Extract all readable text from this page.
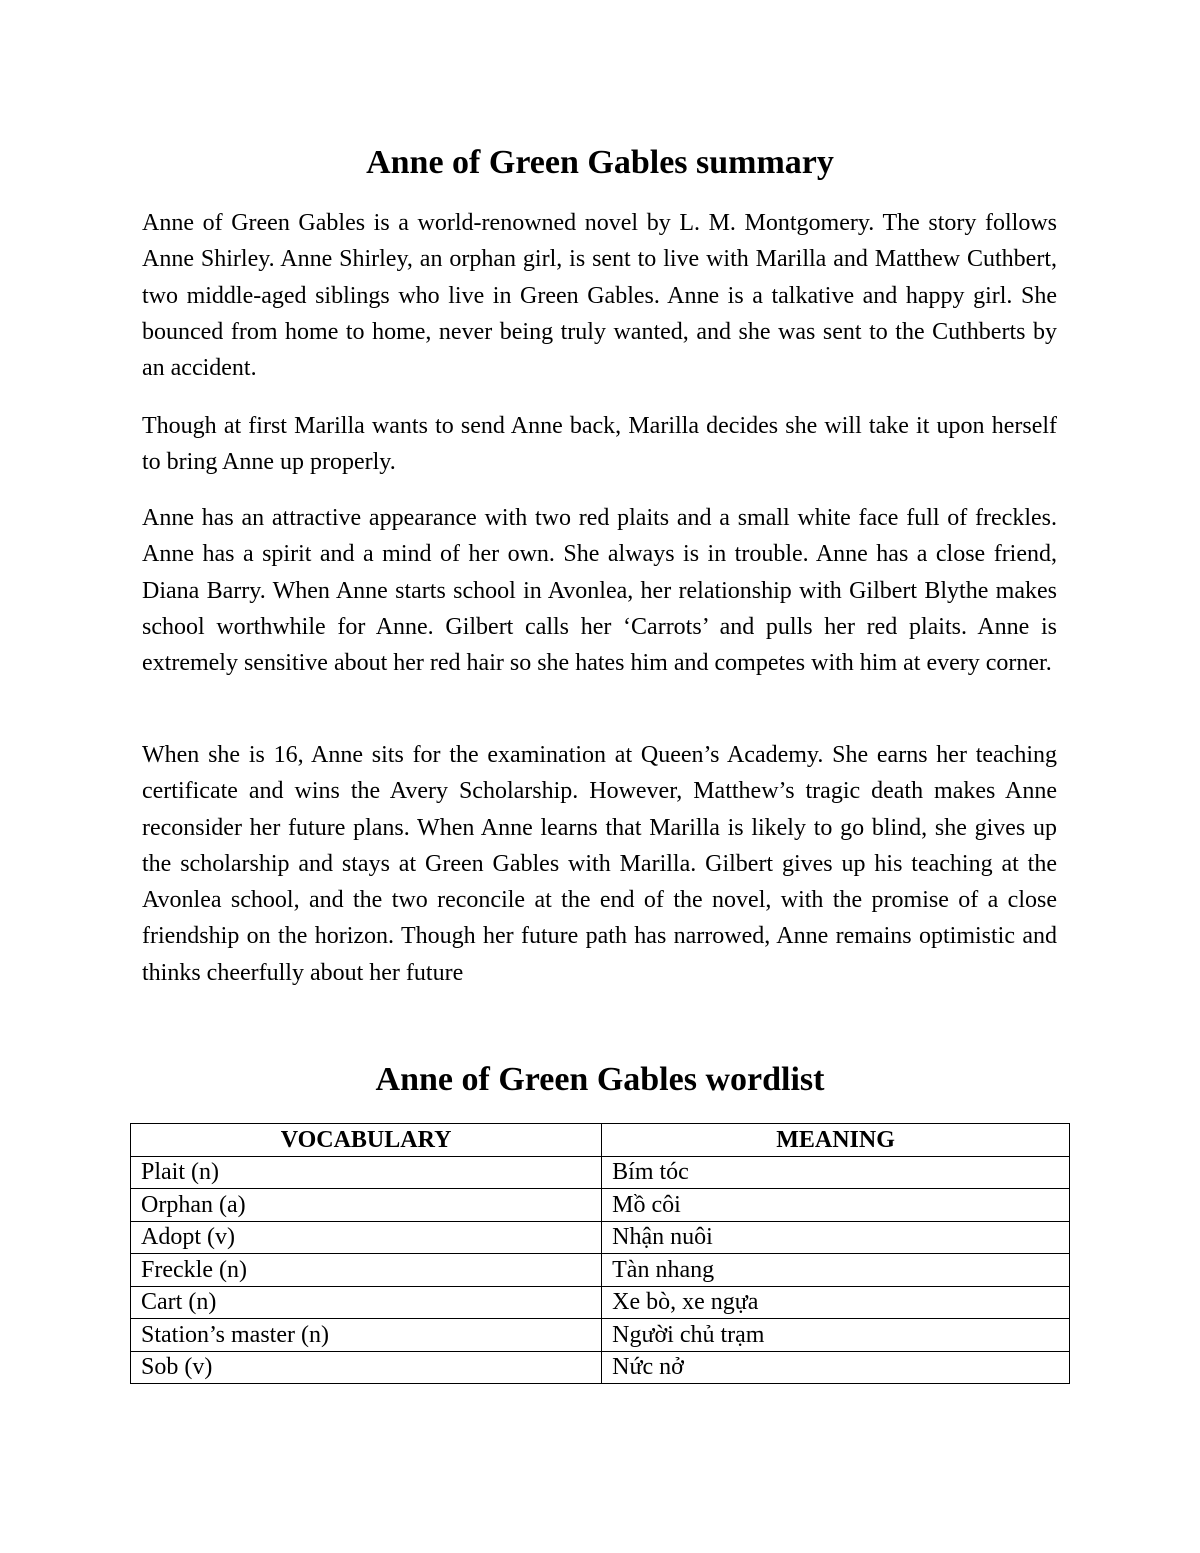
Anne of Green Gables summary

Anne of Green Gables is a world-renowned novel by L. M. Montgomery. The story follows Anne Shirley. Anne Shirley, an orphan girl, is sent to live with Marilla and Matthew Cuthbert, two middle-aged siblings who live in Green Gables. Anne is a talkative and happy girl. She bounced from home to home, never being truly wanted, and she was sent to the Cuthberts by an accident.

Though at first Marilla wants to send Anne back, Marilla decides she will take it upon herself to bring Anne up properly.

Anne has an attractive appearance with two red plaits and a small white face full of freckles. Anne has a spirit and a mind of her own. She always is in trouble. Anne has a close friend, Diana Barry. When Anne starts school in Avonlea, her relationship with Gilbert Blythe makes school worthwhile for Anne. Gilbert calls her ‘Carrots’ and pulls her red plaits. Anne is extremely sensitive about her red hair so she hates him and competes with him at every corner.

When she is 16, Anne sits for the examination at Queen’s Academy. She earns her teaching certificate and wins the Avery Scholarship. However, Matthew’s tragic death makes Anne reconsider her future plans. When Anne learns that Marilla is likely to go blind, she gives up the scholarship and stays at Green Gables with Marilla. Gilbert gives up his teaching at the Avonlea school, and the two reconcile at the end of the novel, with the promise of a close friendship on the horizon. Though her future path has narrowed, Anne remains optimistic and thinks cheerfully about her future

Anne of Green Gables wordlist
VOCABULARY	MEANING
Plait (n)	Bím tóc
Orphan (a)	Mồ côi
Adopt (v)	Nhận nuôi
Freckle (n)	Tàn nhang
Cart (n)	Xe bò, xe ngựa
Station’s master (n)	Người chủ trạm
Sob (v)	Nức nở
